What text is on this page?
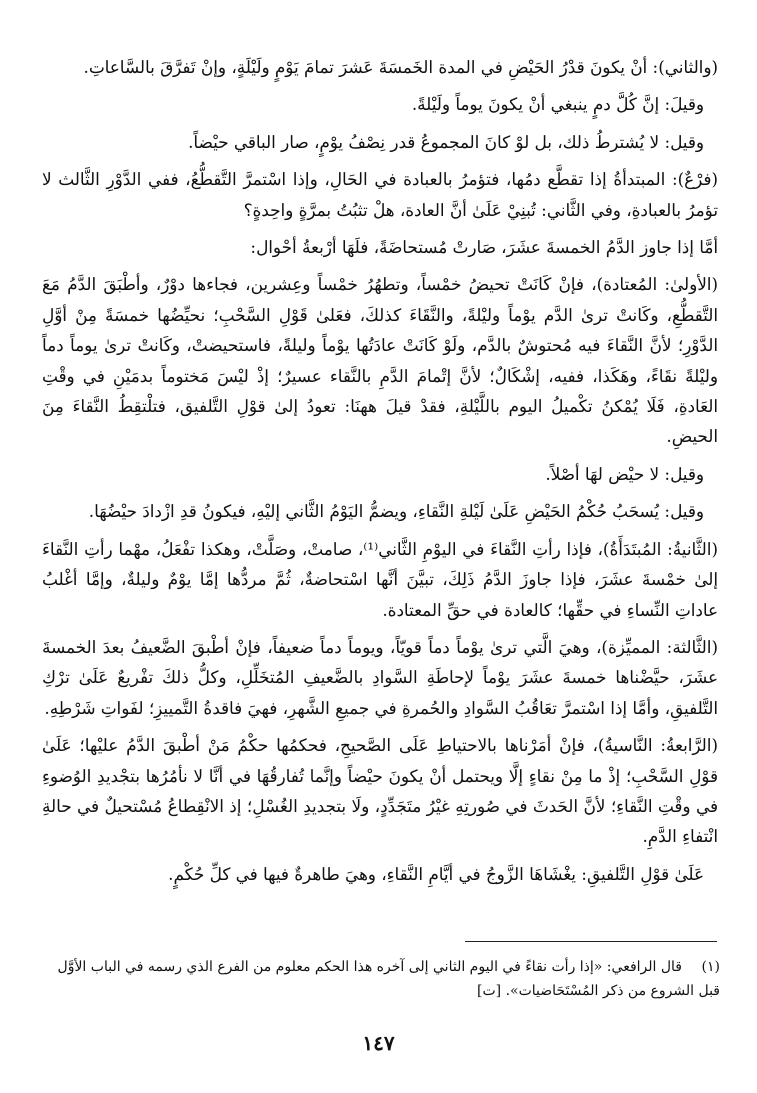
(والثاني): أنْ يكونَ قدْرُ الحَيْضِ في المدة الخَمسَةَ عَشرَ تمامَ يَوْمٍ ولَيْلَةٍ، وإنْ تَفرَّقَ بالسَّاعاتِ.

وقيلَ: إنَّ كُلَّ دمٍ ينبغي أنْ يكونَ يوماً ولَيْلةً.

وقيل: لا يُشترطُ ذلك، بل لوْ كانَ المجموعُ قدر نِصْفُ يوْمٍ، صار الباقي حيْضاً.

(فرْعٌ): المبتدأةُ إذا تقطَّع دمُها، فتؤمرُ بالعبادة في الحَالِ، وإذا اسْتمرَّ التَّقطُّعُ، ففي الدَّوْرِ الثَّالث لا تؤمرُ بالعبادةِ، وفي الثَّاني: تُبنِيْ عَلَىٰ أنَّ العادة، هلْ تثبُتُ بمرَّةٍ واحِدةٍ؟

أمَّا إذا جاوز الدَّمُ الخمسةَ عشَرَ، صَارتْ مُستحاضَةً، فلَهَا أرْبعةُ أحْوال:

(الأولىٰ: المُعتادة)، فإنْ كَانَتْ تحيضُ خمْساً، وتطهُرُ خمْساً وعِشرين، فجاءها دوْرٌ، وأطْبَقَ الدَّمُ مَعَ التَّقطُّعِ، وكَانتْ ترىٰ الدَّم يوْماً وليْلةً، والنَّقَاءَ كذلكَ، فعَلىٰ قَوْلِ السَّحْبِ؛ نحيِّضُها خمسَةً مِنْ أوَّلِ الدَّوْرِ؛ لأنَّ النَّقاءَ فيه مُحتوشٌ بالدَّم، ولَوْ كَانَتْ عادَتُها يوْماً وليلةً، فاستحيضتْ، وكَانتْ ترىٰ يوماً دماً وليْلةً نقَاءً، وهَكَذا، ففيه، إشْكَالٌ؛ لأنَّ إتْمامَ الدَّمِ بالنَّقاء عسيرٌ؛ إذْ ليْسَ مَختوماً بدمَيْنِ في وقْتِ العَادةِ، فَلَا يُمْكنُ تكْميلُ اليوم باللَّيْلةِ، فقدْ قيلَ ههنَا: تعودُ إلىٰ قوْلِ التَّلفيق، فتلْتقِطُ النَّقاءَ مِنَ الحيضِ.

وقيل: لا حيْض لهَا أصْلاً.

وقيل: يُسحَبُ حُكْمُ الحَيْضِ عَلَىٰ لَيْلةِ النَّقاءِ، ويضمُّ اليَوْمُ الثَّاني إليْهِ، فيكونُ قدِ ازْدادَ حيْضُهَا.

(الثَّانيةُ: المُبتَدَأَةُ)، فإذا رأتِ النَّقاءَ في اليوْمِ الثَّاني⁽¹⁾، صامتْ، وصَلَّتْ، وهكذا تفْعَلُ، مهْما رأتِ النَّقاءَ إلىٰ خمْسةَ عشَرَ، فإذا جاوزَ الدَّمُ ذَلِكَ، تبيَّنَ أنَّها اسْتحاضةٌ، ثُمَّ مردُّها إمَّا يوْمٌ وليلةٌ، وإمَّا أغْلبُ عاداتِ النِّساءِ في حقِّها؛ كالعادة في حقِّ المعتادة.

(الثَّالثة: المميِّزة)، وهيَ الَّتي ترىٰ يوْماً دماً قويّاً، ويوماً دماً ضعيفاً، فإنْ أطْبقَ الضَّعيفُ بعدَ الخمسةَ عشَرَ، حيَّضْناها خمسةَ عشَرَ يوْماً لإحاطَةِ السَّوادِ بالضَّعيفِ المُتخَلِّلِ، وكلُّ ذلكَ تفْريعٌ عَلَىٰ ترْكِ التَّلفيقِ، وأمَّا إذا اسْتمرَّ تعَاقُبُ السَّوادِ والحُمرةِ في جميعِ الشَّهرِ، فهيَ فاقدةُ التَّمييزِ؛ لفَواتِ شَرْطِهِ.

(الرَّابعةُ: النَّاسيةُ)، فإنْ أمَرْناها بالاحتياطِ عَلَى الصَّحيحِ، فحكمُها حكْمُ مَنْ أطْبقَ الدَّمُ عليْها؛ عَلَىٰ قوْلِ السَّحْبِ؛ إذْ ما مِنْ نقاءٍ إلَّا ويحتمل أنْ يكونَ حيْضاً وإنَّما تُفارقُهَا في أنَّا لا نأمُرُها بتجْديدِ الوُضوءِ في وقْتِ النَّقاءِ؛ لأنَّ الحَدثَ في صُورتِهِ غيْرُ متَجَدِّدٍ، ولَا بتجديدِ الغُسْلِ؛ إذ الانْقِطاعُ مُسْتحيلٌ في حالةِ انْتفاءِ الدَّمِ.

عَلَىٰ قوْلِ التَّلفيقِ: يغْشَاهَا الزَّوجُ في أيَّامِ النَّقاءِ، وهيَ طاهرةٌ فيها في كلِّ حُكْمٍ.

(١)قال الرافعي: «إذا رأت نقاءً في اليوم الثاني إلى آخره هذا الحكم معلوم من الفرع الذي رسمه في الباب الأوَّل قبل الشروع من ذكر المُسْتَحَاضيات». [ت]
١٤٧
